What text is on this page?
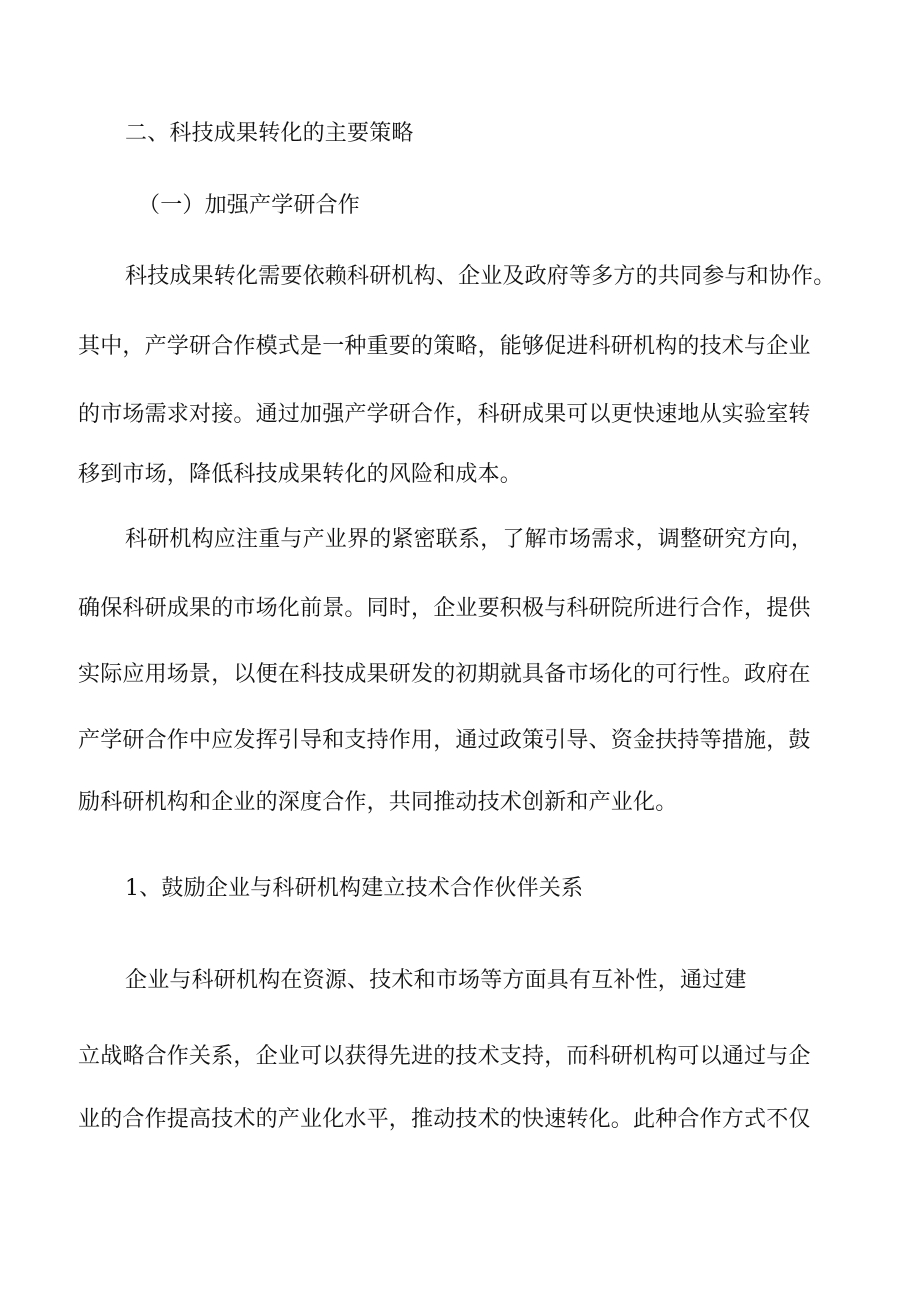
二、科技成果转化的主要策略
（一）加强产学研合作
科技成果转化需要依赖科研机构、企业及政府等多方的共同参与和协作。
其中，产学研合作模式是一种重要的策略，能够促进科研机构的技术与企业
的市场需求对接。通过加强产学研合作，科研成果可以更快速地从实验室转
移到市场，降低科技成果转化的风险和成本。
科研机构应注重与产业界的紧密联系，了解市场需求，调整研究方向，
确保科研成果的市场化前景。同时，企业要积极与科研院所进行合作，提供
实际应用场景，以便在科技成果研发的初期就具备市场化的可行性。政府在
产学研合作中应发挥引导和支持作用，通过政策引导、资金扶持等措施，鼓
励科研机构和企业的深度合作，共同推动技术创新和产业化。
1、鼓励企业与科研机构建立技术合作伙伴关系
企业与科研机构在资源、技术和市场等方面具有互补性，通过建
立战略合作关系，企业可以获得先进的技术支持，而科研机构可以通过与企
业的合作提高技术的产业化水平，推动技术的快速转化。此种合作方式不仅
